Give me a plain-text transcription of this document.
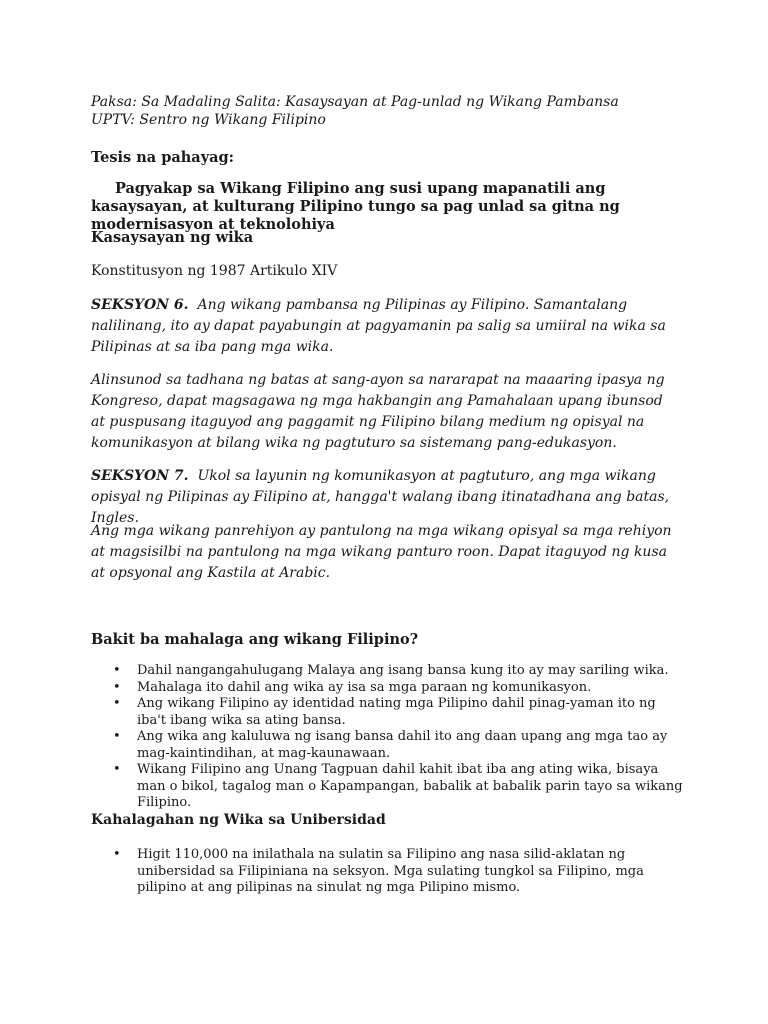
Paksa: Sa Madaling Salita: Kasaysayan at Pag-unlad ng Wikang Pambansa
UPTV: Sentro ng Wikang Filipino
Tesis na pahayag:
Pagyakap sa Wikang Filipino ang susi upang mapanatili ang kasaysayan, at kulturang Pilipino tungo sa pag unlad sa gitna ng modernisasyon at teknolohiya
Kasaysayan ng wika
Konstitusyon ng 1987 Artikulo XIV
SEKSYON 6. Ang wikang pambansa ng Pilipinas ay Filipino. Samantalang nalilinang, ito ay dapat payabungin at pagyamanin pa salig sa umiiral na wika sa Pilipinas at sa iba pang mga wika.
Alinsunod sa tadhana ng batas at sang-ayon sa nararapat na maaaring ipasya ng Kongreso, dapat magsagawa ng mga hakbangin ang Pamahalaan upang ibunsod at puspusang itaguyod ang paggamit ng Filipino bilang medium ng opisyal na komunikasyon at bilang wika ng pagtuturo sa sistemang pang-edukasyon.
SEKSYON 7. Ukol sa layunin ng komunikasyon at pagtuturo, ang mga wikang opisyal ng Pilipinas ay Filipino at, hangga't walang ibang itinatadhana ang batas, Ingles.
Ang mga wikang panrehiyon ay pantulong na mga wikang opisyal sa mga rehiyon at magsisilbi na pantulong na mga wikang panturo roon. Dapat itaguyod ng kusa at opsyonal ang Kastila at Arabic.
Bakit ba mahalaga ang wikang Filipino?
• Dahil nangangahulugang Malaya ang isang bansa kung ito ay may sariling wika.
• Mahalaga ito dahil ang wika ay isa sa mga paraan ng komunikasyon.
• Ang wikang Filipino ay identidad nating mga Pilipino dahil pinag-yaman ito ng iba't ibang wika sa ating bansa.
• Ang wika ang kaluluwa ng isang bansa dahil ito ang daan upang ang mga tao ay mag-kaintindihan, at mag-kaunawaan.
• Wikang Filipino ang Unang Tagpuan dahil kahit ibat iba ang ating wika, bisaya man o bikol, tagalog man o Kapampangan, babalik at babalik parin tayo sa wikang Filipino.
Kahalagahan ng Wika sa Unibersidad
• Higit 110,000 na inilathala na sulatin sa Filipino ang nasa silid-aklatan ng unibersidad sa Filipiniana na seksyon. Mga sulating tungkol sa Filipino, mga pilipino at ang pilipinas na sinulat ng mga Pilipino mismo.
